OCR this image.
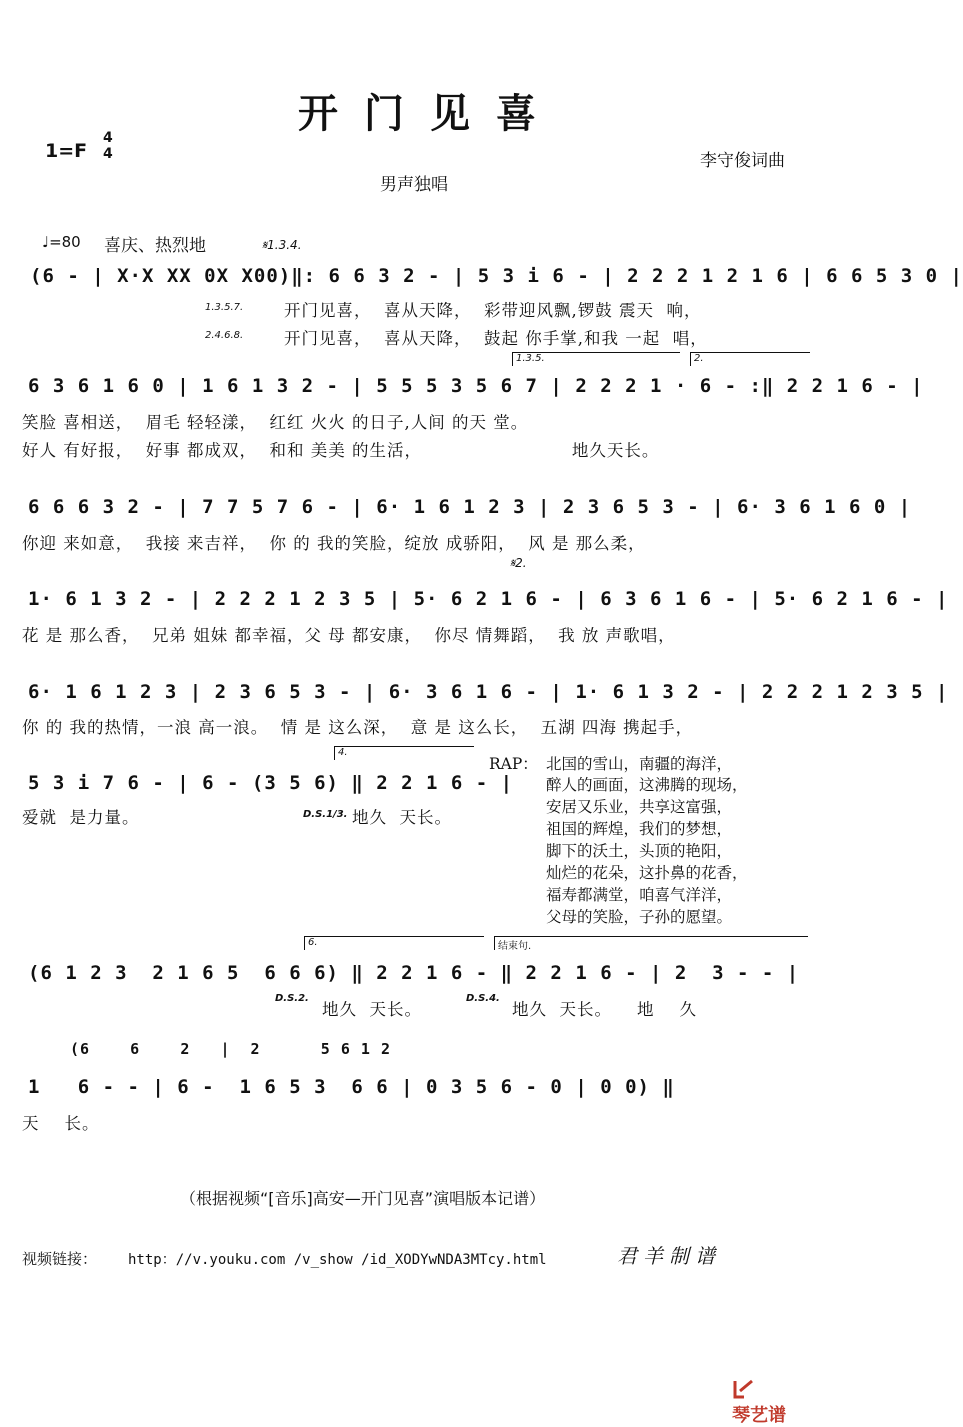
开门见喜
1=F
4
4	李守俊词曲
男声独唱
♩=80 喜庆、热烈地	𝄋1.3.4.
(6 - | X·X XX 0X X00)‖: 6 6 3 2 - | 5 3 i 6 - | 2 2 2 1 2 1 6 | 6 6 5 3 0 |
1.3.5.7. 开门见喜，  喜从天降，  彩带迎风飘,锣鼓 震天  响，
2.4.6.8. 开门见喜，  喜从天降，  鼓起 你手掌,和我 一起  唱，
1.3.5.	2.
6 3 6 1 6 0 | 1 6 1 3 2 - | 5 5 5 3 5 6 7 | 2 2 2 1 · 6 - :‖ 2 2 1 6 - |
笑脸 喜相送，  眉毛 轻轻漾，  红红 火火 的日子,人间 的天 堂。
好人 有好报，  好事 都成双，  和和 美美 的生活，                        地久天长。
6 6 6 3 2 - | 7 7 5 7 6 - | 6· 1 6 1 2 3 | 2 3 6 5 3 - | 6· 3 6 1 6 0 |
你迎 来如意，  我接 来吉祥，  你 的 我的笑脸，绽放 成骄阳，  风 是 那么柔，
𝄋2.
1· 6 1 3 2 - | 2 2 2 1 2 3 5 | 5· 6 2 1 6 - | 6 3 6 1 6 - | 5· 6 2 1 6 - |
花 是 那么香，  兄弟 姐妹 都幸福，父 母 都安康，  你尽 情舞蹈，  我 放 声歌唱，
6· 1 6 1 2 3 | 2 3 6 5 3 - | 6· 3 6 1 6 - | 1· 6 1 3 2 - | 2 2 2 1 2 3 5 |
你 的 我的热情，一浪 高一浪。  情 是 这么深，  意 是 这么长，  五湖 四海 携起手，
4.
5 3 i 7 6 - | 6 - (3 5 6) ‖ 2 2 1 6 - |
爱就  是力量。	D.S.1/3. 地久  天长。
RAP： 北国的雪山，南疆的海洋，
醉人的画面，这沸腾的现场，
安居又乐业，共享这富强，
祖国的辉煌，我们的梦想，
脚下的沃土，头顶的艳阳，
灿烂的花朵，这扑鼻的花香，
福寿都满堂，咱喜气洋洋，
父母的笑脸，子孙的愿望。
6.	结束句.
(6 1 2 3  2 1 6 5  6 6 6) ‖ 2 2 1 6 - ‖ 2 2 1 6 - | 2  3 - - |
D.S.2.
地久  天长。
D.S.4.
地久  天长。    地    久
(6    6    2   |  2      5 6 1 2
1   6 - - | 6 -  1 6 5 3  6 6 | 0 3 5 6 - 0 | 0 0) ‖
天    长。
（根据视频“[音乐]高安—开门见喜”演唱版本记谱）
视频链接： http：//v.youku.com /v_show /id_XODYwNDA3MTcy.html	君羊制谱

琴艺谱
